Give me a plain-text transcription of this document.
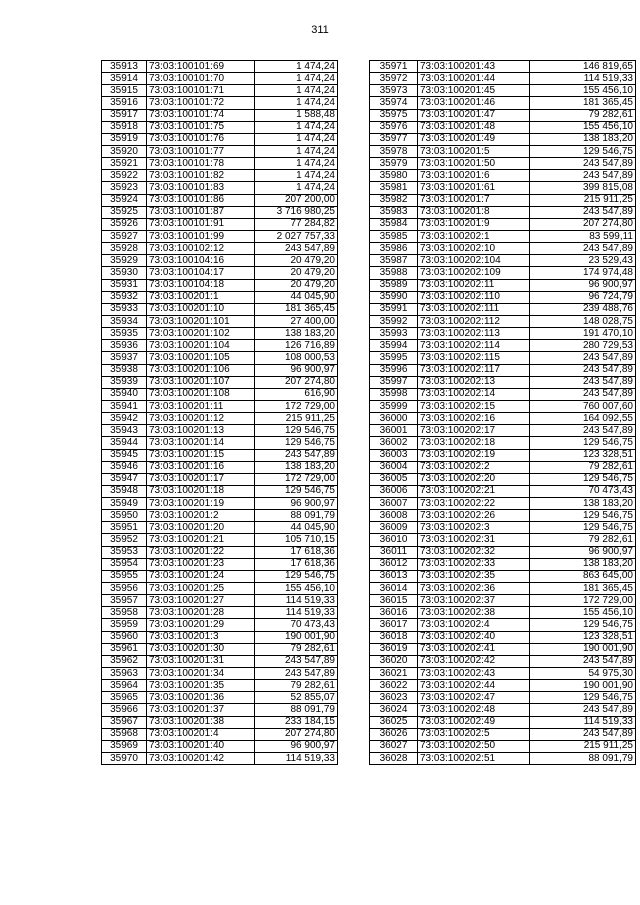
311
35913	73:03:100101:69	1 474,24
35914	73:03:100101:70	1 474,24
35915	73:03:100101:71	1 474,24
35916	73:03:100101:72	1 474,24
35917	73:03:100101:74	1 588,48
35918	73:03:100101:75	1 474,24
35919	73:03:100101:76	1 474,24
35920	73:03:100101:77	1 474,24
35921	73:03:100101:78	1 474,24
35922	73:03:100101:82	1 474,24
35923	73:03:100101:83	1 474,24
35924	73:03:100101:86	207 200,00
35925	73:03:100101:87	3 716 980,25
35926	73:03:100101:91	77 284,82
35927	73:03:100101:99	2 027 757,33
35928	73:03:100102:12	243 547,89
35929	73:03:100104:16	20 479,20
35930	73:03:100104:17	20 479,20
35931	73:03:100104:18	20 479,20
35932	73:03:100201:1	44 045,90
35933	73:03:100201:10	181 365,45
35934	73:03:100201:101	27 400,00
35935	73:03:100201:102	138 183,20
35936	73:03:100201:104	126 716,89
35937	73:03:100201:105	108 000,53
35938	73:03:100201:106	96 900,97
35939	73:03:100201:107	207 274,80
35940	73:03:100201:108	616,90
35941	73:03:100201:11	172 729,00
35942	73:03:100201:12	215 911,25
35943	73:03:100201:13	129 546,75
35944	73:03:100201:14	129 546,75
35945	73:03:100201:15	243 547,89
35946	73:03:100201:16	138 183,20
35947	73:03:100201:17	172 729,00
35948	73:03:100201:18	129 546,75
35949	73:03:100201:19	96 900,97
35950	73:03:100201:2	88 091,79
35951	73:03:100201:20	44 045,90
35952	73:03:100201:21	105 710,15
35953	73:03:100201:22	17 618,36
35954	73:03:100201:23	17 618,36
35955	73:03:100201:24	129 546,75
35956	73:03:100201:25	155 456,10
35957	73:03:100201:27	114 519,33
35958	73:03:100201:28	114 519,33
35959	73:03:100201:29	70 473,43
35960	73:03:100201:3	190 001,90
35961	73:03:100201:30	79 282,61
35962	73:03:100201:31	243 547,89
35963	73:03:100201:34	243 547,89
35964	73:03:100201:35	79 282,61
35965	73:03:100201:36	52 855,07
35966	73:03:100201:37	88 091,79
35967	73:03:100201:38	233 184,15
35968	73:03:100201:4	207 274,80
35969	73:03:100201:40	96 900,97
35970	73:03:100201:42	114 519,33
35971	73:03:100201:43	146 819,65
35972	73:03:100201:44	114 519,33
35973	73:03:100201:45	155 456,10
35974	73:03:100201:46	181 365,45
35975	73:03:100201:47	79 282,61
35976	73:03:100201:48	155 456,10
35977	73:03:100201:49	138 183,20
35978	73:03:100201:5	129 546,75
35979	73:03:100201:50	243 547,89
35980	73:03:100201:6	243 547,89
35981	73:03:100201:61	399 815,08
35982	73:03:100201:7	215 911,25
35983	73:03:100201:8	243 547,89
35984	73:03:100201:9	207 274,80
35985	73:03:100202:1	83 599,11
35986	73:03:100202:10	243 547,89
35987	73:03:100202:104	23 529,43
35988	73:03:100202:109	174 974,48
35989	73:03:100202:11	96 900,97
35990	73:03:100202:110	96 724,79
35991	73:03:100202:111	239 488,76
35992	73:03:100202:112	148 028,75
35993	73:03:100202:113	191 470,10
35994	73:03:100202:114	280 729,53
35995	73:03:100202:115	243 547,89
35996	73:03:100202:117	243 547,89
35997	73:03:100202:13	243 547,89
35998	73:03:100202:14	243 547,89
35999	73:03:100202:15	760 007,60
36000	73:03:100202:16	164 092,55
36001	73:03:100202:17	243 547,89
36002	73:03:100202:18	129 546,75
36003	73:03:100202:19	123 328,51
36004	73:03:100202:2	79 282,61
36005	73:03:100202:20	129 546,75
36006	73:03:100202:21	70 473,43
36007	73:03:100202:22	138 183,20
36008	73:03:100202:26	129 546,75
36009	73:03:100202:3	129 546,75
36010	73:03:100202:31	79 282,61
36011	73:03:100202:32	96 900,97
36012	73:03:100202:33	138 183,20
36013	73:03:100202:35	863 645,00
36014	73:03:100202:36	181 365,45
36015	73:03:100202:37	172 729,00
36016	73:03:100202:38	155 456,10
36017	73:03:100202:4	129 546,75
36018	73:03:100202:40	123 328,51
36019	73:03:100202:41	190 001,90
36020	73:03:100202:42	243 547,89
36021	73:03:100202:43	54 975,30
36022	73:03:100202:44	190 001,90
36023	73:03:100202:47	129 546,75
36024	73:03:100202:48	243 547,89
36025	73:03:100202:49	114 519,33
36026	73:03:100202:5	243 547,89
36027	73:03:100202:50	215 911,25
36028	73:03:100202:51	88 091,79
